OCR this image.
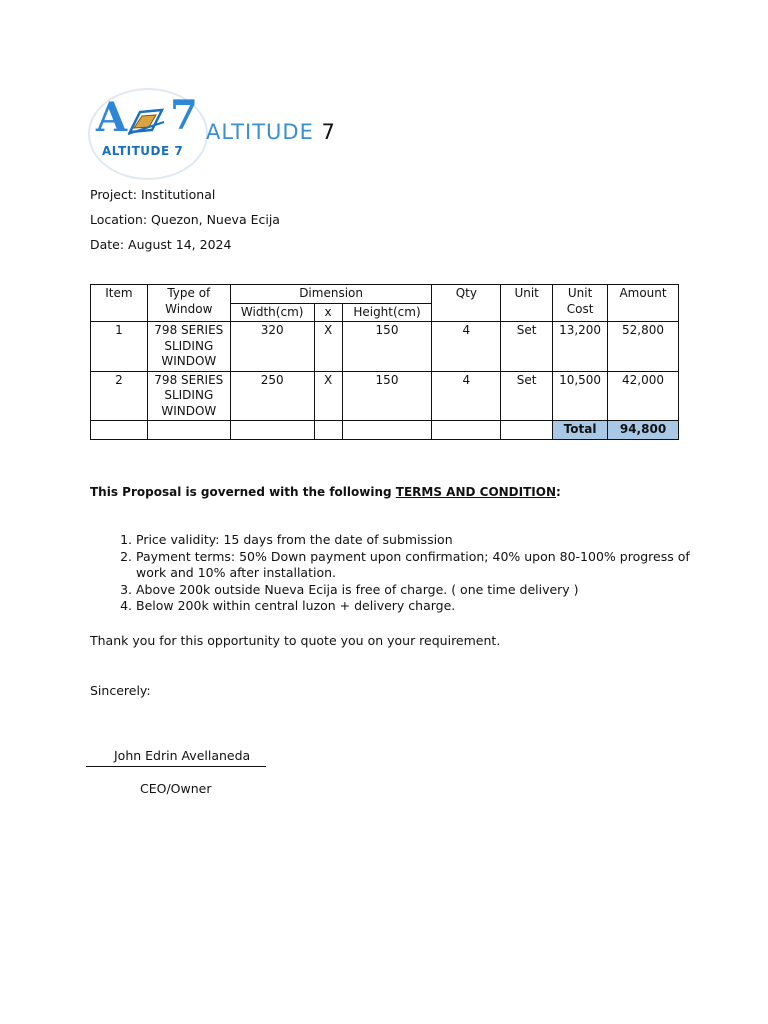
A 7
ALTITUDE 7
ALTITUDE 7
Project: Institutional
Location: Quezon, Nueva Ecija
Date: August 14, 2024
Item	Type of Window	Dimension			Qty	Unit	Unit Cost	Amount
		Width(cm)	x	Height(cm)				
1	798 SERIES SLIDING WINDOW	320	X	150	4	Set	13,200	52,800
2	798 SERIES SLIDING WINDOW	250	X	150	4	Set	10,500	42,000
							Total	94,800
This Proposal is governed with the following TERMS AND CONDITION:
1. Price validity: 15 days from the date of submission
2. Payment terms: 50% Down payment upon confirmation; 40% upon 80-100% progress of work and 10% after installation.
3. Above 200k outside Nueva Ecija is free of charge. ( one time delivery )
4. Below 200k within central luzon + delivery charge.
Thank you for this opportunity to quote you on your requirement.
Sincerely:
John Edrin Avellaneda
CEO/Owner
